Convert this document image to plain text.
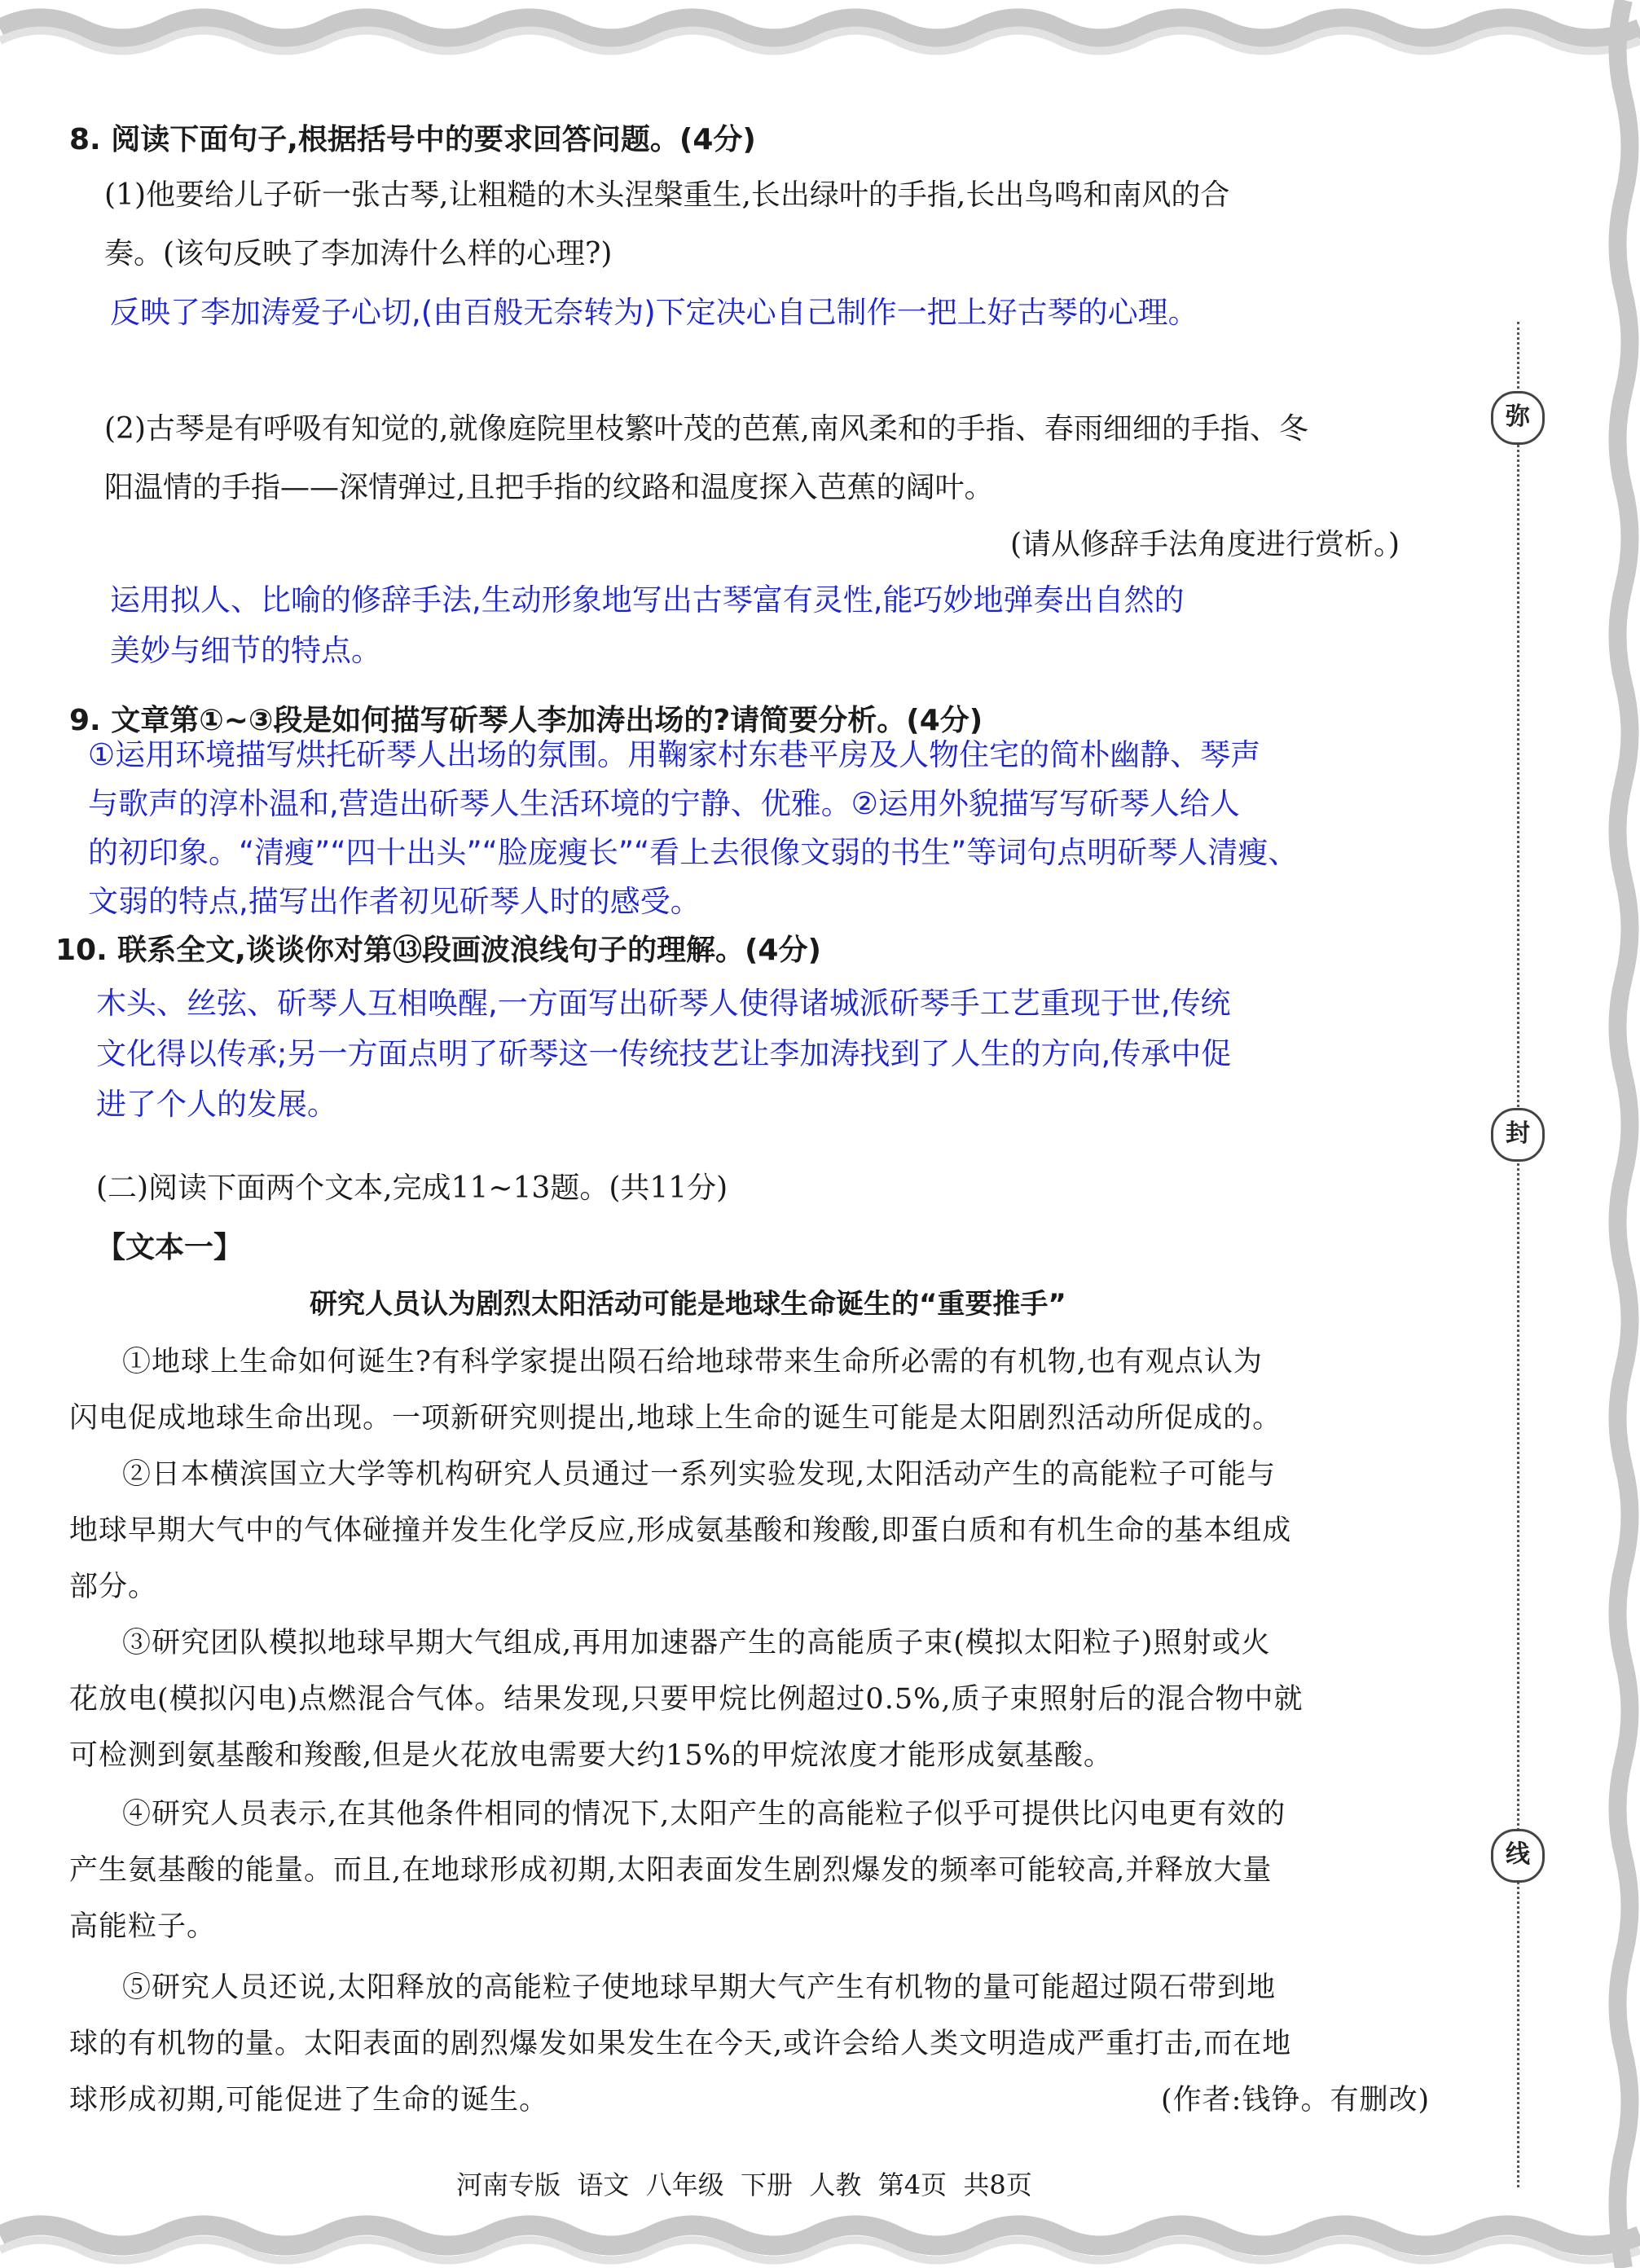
弥
封
线
8. 阅读下面句子,根据括号中的要求回答问题。(4分)
(1)他要给儿子斫一张古琴,让粗糙的木头涅槃重生,长出绿叶的手指,长出鸟鸣和南风的合
奏。(该句反映了李加涛什么样的心理?)
反映了李加涛爱子心切,(由百般无奈转为)下定决心自己制作一把上好古琴的心理。
(2)古琴是有呼吸有知觉的,就像庭院里枝繁叶茂的芭蕉,南风柔和的手指、春雨细细的手指、冬
阳温情的手指——深情弹过,且把手指的纹路和温度探入芭蕉的阔叶。
(请从修辞手法角度进行赏析。)
运用拟人、比喻的修辞手法,生动形象地写出古琴富有灵性,能巧妙地弹奏出自然的
美妙与细节的特点。
9. 文章第①~③段是如何描写斫琴人李加涛出场的?请简要分析。(4分)
①运用环境描写烘托斫琴人出场的氛围。用鞠家村东巷平房及人物住宅的简朴幽静、琴声
与歌声的淳朴温和,营造出斫琴人生活环境的宁静、优雅。②运用外貌描写写斫琴人给人
的初印象。“清瘦”“四十出头”“脸庞瘦长”“看上去很像文弱的书生”等词句点明斫琴人清瘦、
文弱的特点,描写出作者初见斫琴人时的感受。
10. 联系全文,谈谈你对第⑬段画波浪线句子的理解。(4分)
木头、丝弦、斫琴人互相唤醒,一方面写出斫琴人使得诸城派斫琴手工艺重现于世,传统
文化得以传承;另一方面点明了斫琴这一传统技艺让李加涛找到了人生的方向,传承中促
进了个人的发展。
(二)阅读下面两个文本,完成11~13题。(共11分)
【文本一】
研究人员认为剧烈太阳活动可能是地球生命诞生的“重要推手”
①地球上生命如何诞生?有科学家提出陨石给地球带来生命所必需的有机物,也有观点认为
闪电促成地球生命出现。一项新研究则提出,地球上生命的诞生可能是太阳剧烈活动所促成的。
②日本横滨国立大学等机构研究人员通过一系列实验发现,太阳活动产生的高能粒子可能与
地球早期大气中的气体碰撞并发生化学反应,形成氨基酸和羧酸,即蛋白质和有机生命的基本组成
部分。
③研究团队模拟地球早期大气组成,再用加速器产生的高能质子束(模拟太阳粒子)照射或火
花放电(模拟闪电)点燃混合气体。结果发现,只要甲烷比例超过0.5%,质子束照射后的混合物中就
可检测到氨基酸和羧酸,但是火花放电需要大约15%的甲烷浓度才能形成氨基酸。
④研究人员表示,在其他条件相同的情况下,太阳产生的高能粒子似乎可提供比闪电更有效的
产生氨基酸的能量。而且,在地球形成初期,太阳表面发生剧烈爆发的频率可能较高,并释放大量
高能粒子。
⑤研究人员还说,太阳释放的高能粒子使地球早期大气产生有机物的量可能超过陨石带到地
球的有机物的量。太阳表面的剧烈爆发如果发生在今天,或许会给人类文明造成严重打击,而在地
球形成初期,可能促进了生命的诞生。	(作者:钱铮。有删改)
河南专版  语文  八年级  下册  人教  第4页  共8页
